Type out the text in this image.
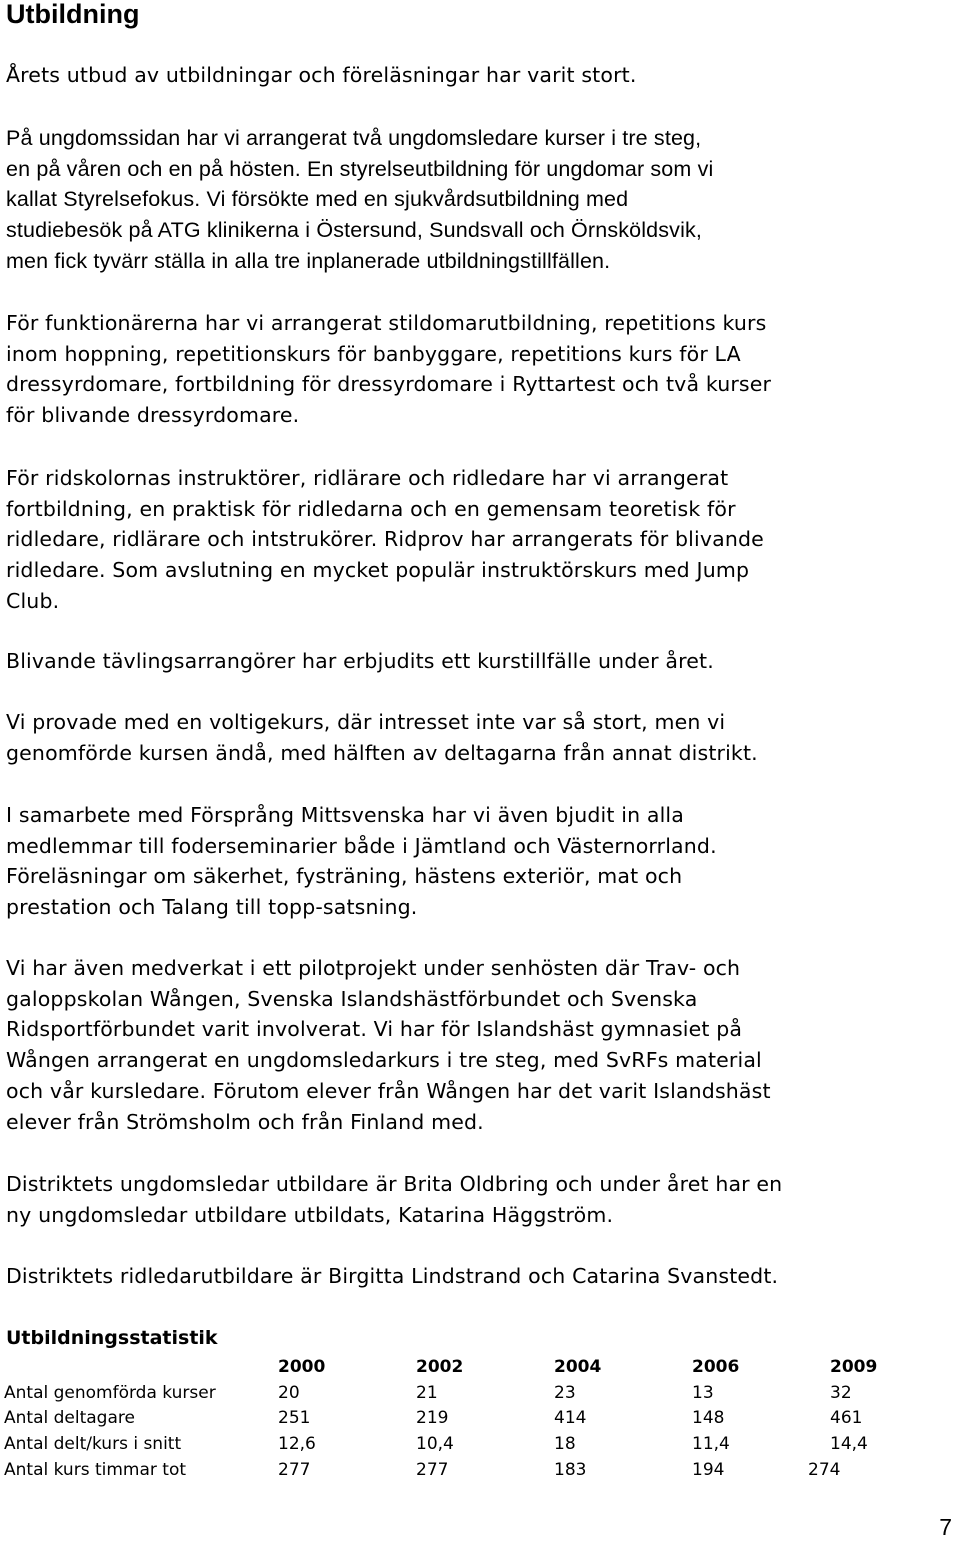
Utbildning
Årets utbud av utbildningar och föreläsningar har varit stort.
På ungdomssidan har vi arrangerat två ungdomsledare kurser i tre steg,
en på våren och en på hösten. En styrelseutbildning för ungdomar som vi
kallat Styrelsefokus. Vi försökte med en sjukvårdsutbildning med
studiebesök på ATG klinikerna i Östersund, Sundsvall och Örnsköldsvik,
men fick tyvärr ställa in alla tre inplanerade utbildningstillfällen.
För funktionärerna har vi arrangerat stildomarutbildning, repetitions kurs
inom hoppning, repetitionskurs för banbyggare, repetitions kurs för LA
dressyrdomare, fortbildning för dressyrdomare i Ryttartest och två kurser
för blivande dressyrdomare.
För ridskolornas instruktörer, ridlärare och ridledare har vi arrangerat
fortbildning, en praktisk för ridledarna och en gemensam teoretisk för
ridledare, ridlärare och intstrukörer. Ridprov har arrangerats för blivande
ridledare. Som avslutning en mycket populär instruktörskurs med Jump
Club.
Blivande tävlingsarrangörer har erbjudits ett kurstillfälle under året.
Vi provade med en voltigekurs, där intresset inte var så stort, men vi
genomförde kursen ändå, med hälften av deltagarna från annat distrikt.
I samarbete med Försprång Mittsvenska har vi även bjudit in alla
medlemmar till foderseminarier både i Jämtland och Västernorrland.
Föreläsningar om säkerhet, fysträning, hästens exteriör, mat och
prestation och Talang till topp-satsning.
Vi har även medverkat i ett pilotprojekt under senhösten där Trav- och
galoppskolan Wången, Svenska Islandshästförbundet och Svenska
Ridsportförbundet varit involverat. Vi har för Islandshäst gymnasiet på
Wången arrangerat en ungdomsledarkurs i tre steg, med SvRFs material
och vår kursledare. Förutom elever från Wången har det varit Islandshäst
elever från Strömsholm och från Finland med.
Distriktets ungdomsledar utbildare är Brita Oldbring och under året har en
ny ungdomsledar utbildare utbildats, Katarina Häggström.
Distriktets ridledarutbildare är Birgitta Lindstrand och Catarina Svanstedt.
Utbildningsstatistik
	2000	2002	2004	2006	2009
Antal genomförda kurser	20	21	23	13	32
Antal deltagare	251	219	414	148	461
Antal delt/kurs i snitt	12,6	10,4	18	11,4	14,4
Antal kurs timmar tot	277	277	183	194	274
7
